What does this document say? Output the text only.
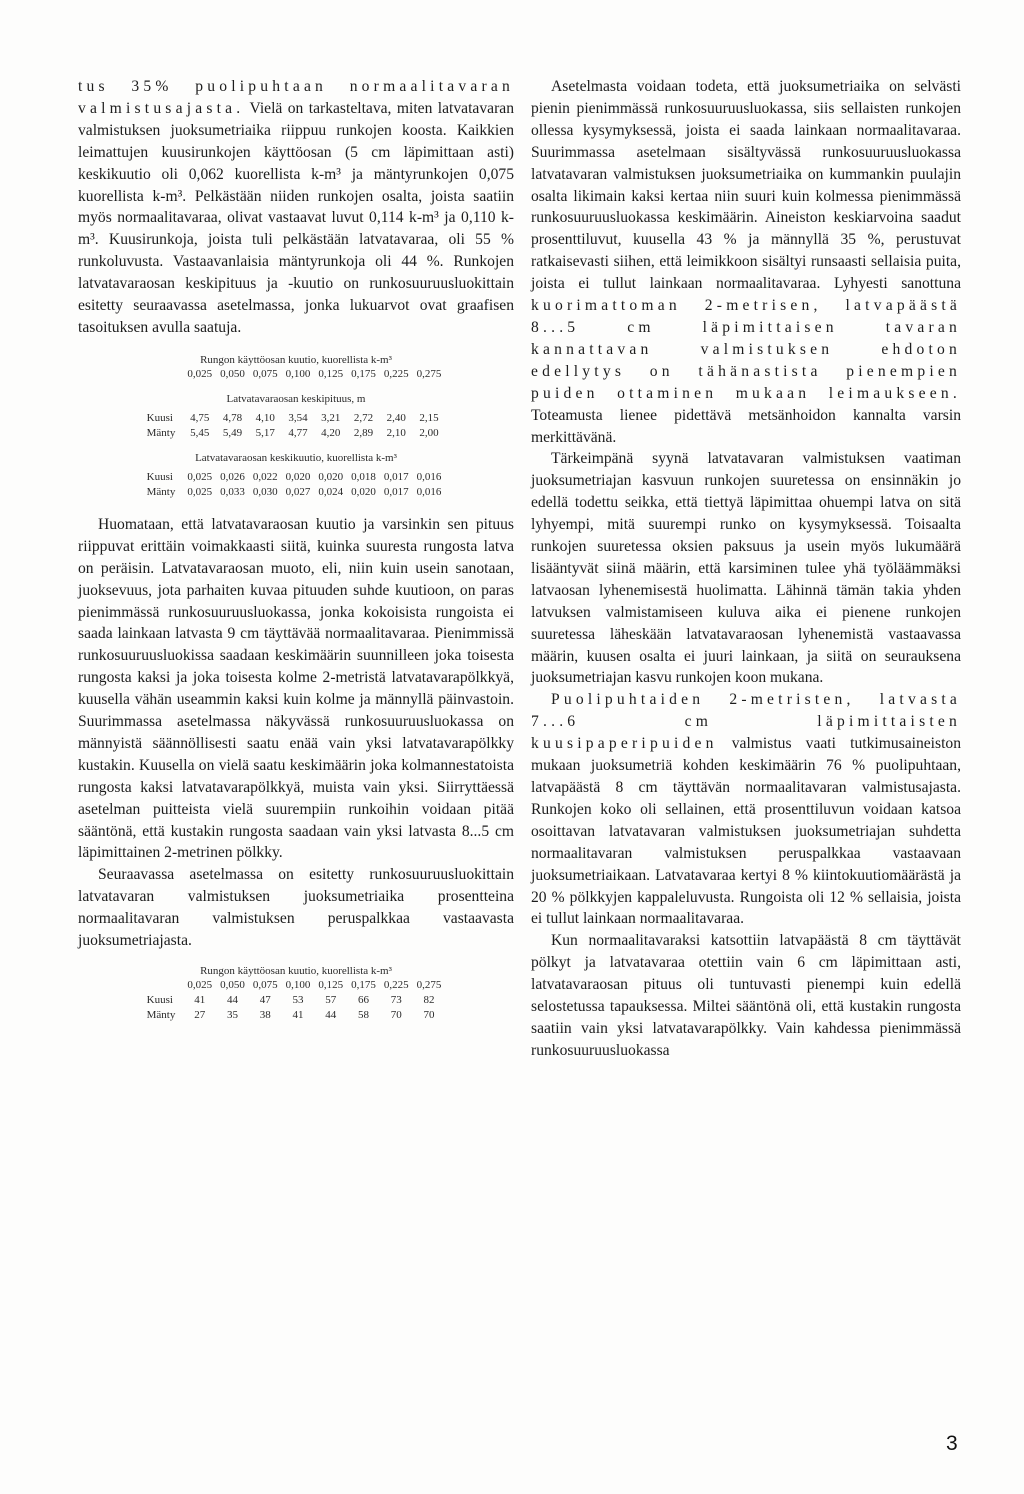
tus 35% puolipuhtaan normaalitavaran valmistusajasta. Vielä on tarkasteltava, miten latvatavaran valmistuksen juoksumetriaika riippuu runkojen koosta. Kaikkien leimattujen kuusirunkojen käyttöosan (5 cm läpimittaan asti) keskikuutio oli 0,062 kuorellista k-m³ ja mäntyrunkojen 0,075 kuorellista k-m³. Pelkästään niiden runkojen osalta, joista saatiin myös normaalitavaraa, olivat vastaavat luvut 0,114 k-m³ ja 0,110 k-m³. Kuusirunkoja, joista tuli pelkästään latvatavaraa, oli 55 % runkoluvusta. Vastaavanlaisia mäntyrunkoja oli 44 %. Runkojen latvatavaraosan keskipituus ja -kuutio on runkosuuruusluokittain esitetty seuraavassa asetelmassa, jonka lukuarvot ovat graafisen tasoituksen avulla saatuja.

Rungon käyttöosan kuutio, kuorellista k-m³

	0,025	0,050	0,075	0,100	0,125	0,175	0,225	0,275
Latvatavaraosan keskipituus, m								
Kuusi	4,75	4,78	4,10	3,54	3,21	2,72	2,40	2,15
Mänty	5,45	5,49	5,17	4,77	4,20	2,89	2,10	2,00
Latvatavaraosan keskikuutio, kuorellista k-m³								
Kuusi	0,025	0,026	0,022	0,020	0,020	0,018	0,017	0,016
Mänty	0,025	0,033	0,030	0,027	0,024	0,020	0,017	0,016

Huomataan, että latvatavaraosan kuutio ja varsinkin sen pituus riippuvat erittäin voimakkaasti siitä, kuinka suuresta rungosta latva on peräisin. Latvatavaraosan muoto, eli, niin kuin usein sanotaan, juoksevuus, jota parhaiten kuvaa pituuden suhde kuutioon, on paras pienimmässä runkosuuruusluokassa, jonka kokoisista rungoista ei saada lainkaan latvasta 9 cm täyttävää normaalitavaraa. Pienimmissä runkosuuruusluokissa saadaan keskimäärin suunnilleen joka toisesta rungosta kaksi ja joka toisesta kolme 2-metristä latvatavarapölkkyä, kuusella vähän useammin kaksi kuin kolme ja männyllä päinvastoin. Suurimmassa asetelmassa näkyvässä runkosuuruusluokassa on männyistä säännöllisesti saatu enää vain yksi latvatavarapölkky kustakin. Kuusella on vielä saatu keskimäärin joka kolmannestatoista rungosta kaksi latvatavarapölkkyä, muista vain yksi. Siirryttäessä asetelman puitteista vielä suurempiin runkoihin voidaan pitää sääntönä, että kustakin rungosta saadaan vain yksi latvasta 8...5 cm läpimittainen 2-metrinen pölkky.

Seuraavassa asetelmassa on esitetty runkosuuruusluokittain latvatavaran valmistuksen juoksumetriaika prosentteina normaalitavaran valmistuksen peruspalkkaa vastaavasta juoksumetriajasta.

Rungon käyttöosan kuutio, kuorellista k-m³

	0,025	0,050	0,075	0,100	0,125	0,175	0,225	0,275
Kuusi	41	44	47	53	57	66	73	82
Mänty	27	35	38	41	44	58	70	70

Asetelmasta voidaan todeta, että juoksumetriaika on selvästi pienin pienimmässä runkosuuruusluokassa, siis sellaisten runkojen ollessa kysymyksessä, joista ei saada lainkaan normaalitavaraa. Suurimmassa asetelmaan sisältyvässä runkosuuruusluokassa latvatavaran valmistuksen juoksumetriaika on kummankin puulajin osalta likimain kaksi kertaa niin suuri kuin kolmessa pienimmässä runkosuuruusluokassa keskimäärin. Aineiston keskiarvoina saadut prosenttiluvut, kuusella 43 % ja männyllä 35 %, perustuvat ratkaisevasti siihen, että leimikkoon sisältyi runsaasti sellaisia puita, joista ei tullut lainkaan normaalitavaraa. Lyhyesti sanottuna kuorimattoman 2-metrisen, latvapäästä 8...5 cm läpimittaisen tavaran kannattavan valmistuksen ehdoton edellytys on tähänastista pienempien puiden ottaminen mukaan leimaukseen. Toteamusta lienee pidettävä metsänhoidon kannalta varsin merkittävänä.

Tärkeimpänä syynä latvatavaran valmistuksen vaatiman juoksumetriajan kasvuun runkojen suuretessa on ensinnäkin jo edellä todettu seikka, että tiettyä läpimittaa ohuempi latva on sitä lyhyempi, mitä suurempi runko on kysymyksessä. Toisaalta runkojen suuretessa oksien paksuus ja usein myös lukumäärä lisääntyvät siinä määrin, että karsiminen tulee yhä työläämmäksi latvaosan lyhenemisestä huolimatta. Lähinnä tämän takia yhden latvuksen valmistamiseen kuluva aika ei pienene runkojen suuretessa läheskään latvatavaraosan lyhenemistä vastaavassa määrin, kuusen osalta ei juuri lainkaan, ja siitä on seurauksena juoksumetriajan kasvu runkojen koon mukana.

Puolipuhtaiden 2-metristen, latvasta 7...6 cm läpimittaisten kuusipaperipuiden valmistus vaati tutkimusaineiston mukaan juoksumetriä kohden keskimäärin 76 % puolipuhtaan, latvapäästä 8 cm täyttävän normaalitavaran valmistusajasta. Runkojen koko oli sellainen, että prosenttiluvun voidaan katsoa osoittavan latvatavaran valmistuksen juoksumetriajan suhdetta normaalitavaran valmistuksen peruspalkkaa vastaavaan juoksumetriaikaan. Latvatavaraa kertyi 8 % kiintokuutiomäärästä ja 20 % pölkkyjen kappaleluvusta. Rungoista oli 12 % sellaisia, joista ei tullut lainkaan normaalitavaraa.

Kun normaalitavaraksi katsottiin latvapäästä 8 cm täyttävät pölkyt ja latvatavaraa otettiin vain 6 cm läpimittaan asti, latvatavaraosan pituus oli tuntuvasti pienempi kuin edellä selostetussa tapauksessa. Miltei sääntönä oli, että kustakin rungosta saatiin vain yksi latvatavarapölkky. Vain kahdessa pienimmässä runkosuuruusluokassa

3
